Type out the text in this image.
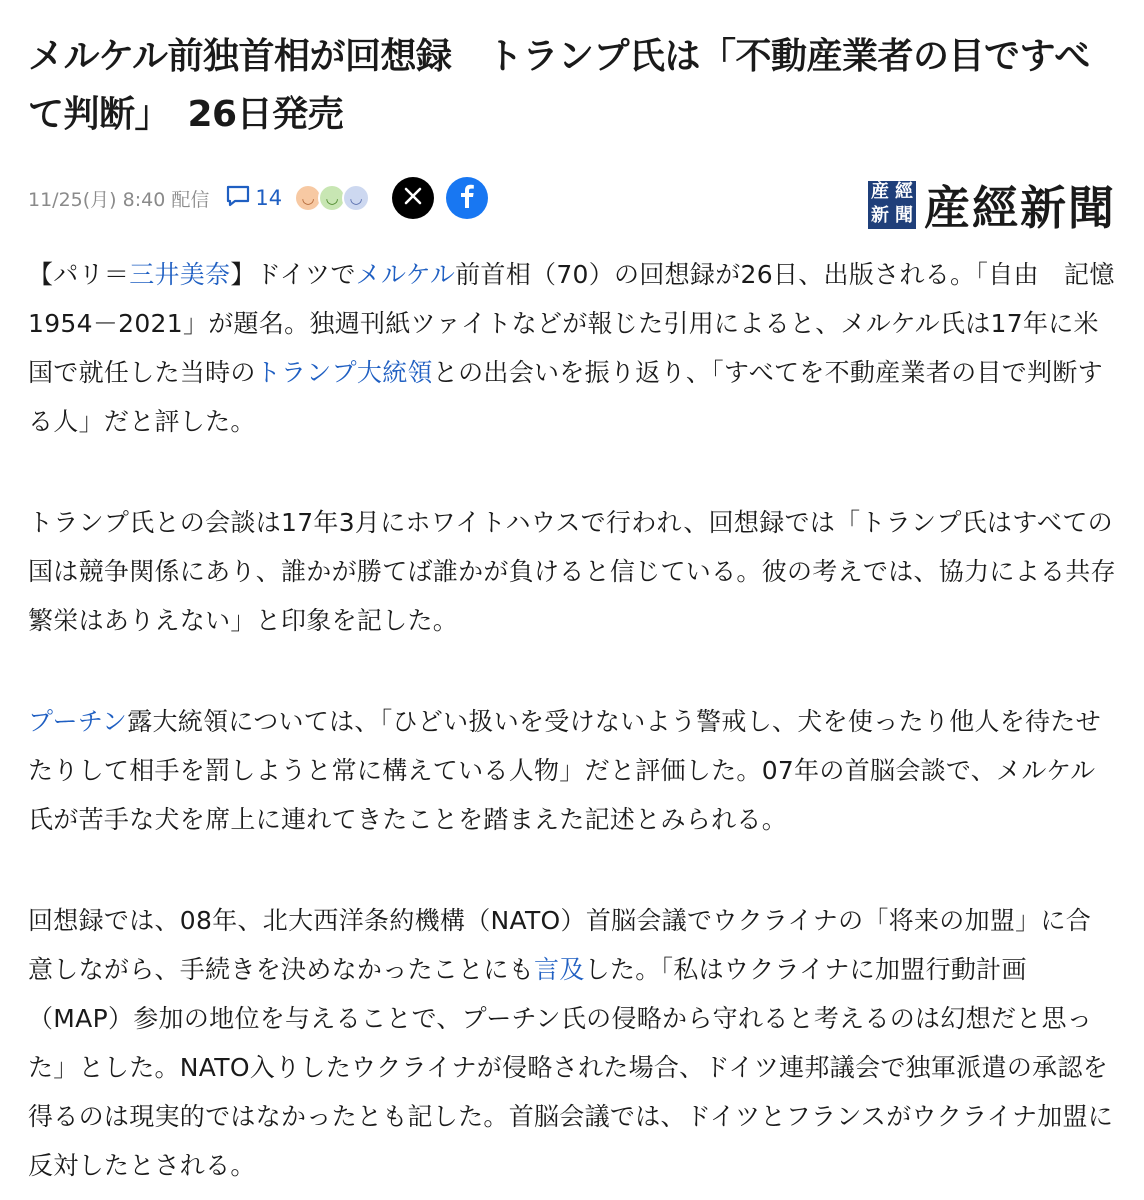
メルケル前独首相が回想録　トランプ氏は「不動産業者の目ですべて判断」　26日発売
11/25(月) 8:40 配信 14	◡ ◡ ◡	産 經
新 聞 産經新聞

【パリ＝三井美奈】ドイツでメルケル前首相（70）の回想録が26日、出版される。「自由　記憶1954－2021」が題名。独週刊紙ツァイトなどが報じた引用によると、メルケル氏は17年に米国で就任した当時のトランプ大統領との出会いを振り返り、「すべてを不動産業者の目で判断する人」だと評した。

トランプ氏との会談は17年3月にホワイトハウスで行われ、回想録では「トランプ氏はすべての国は競争関係にあり、誰かが勝てば誰かが負けると信じている。彼の考えでは、協力による共存繁栄はありえない」と印象を記した。

プーチン露大統領については、「ひどい扱いを受けないよう警戒し、犬を使ったり他人を待たせたりして相手を罰しようと常に構えている人物」だと評価した。07年の首脳会談で、メルケル氏が苦手な犬を席上に連れてきたことを踏まえた記述とみられる。

回想録では、08年、北大西洋条約機構（NATO）首脳会議でウクライナの「将来の加盟」に合意しながら、手続きを決めなかったことにも言及した。「私はウクライナに加盟行動計画（MAP）参加の地位を与えることで、プーチン氏の侵略から守れると考えるのは幻想だと思った」とした。NATO入りしたウクライナが侵略された場合、ドイツ連邦議会で独軍派遣の承認を得るのは現実的ではなかったとも記した。首脳会議では、ドイツとフランスがウクライナ加盟に反対したとされる。
